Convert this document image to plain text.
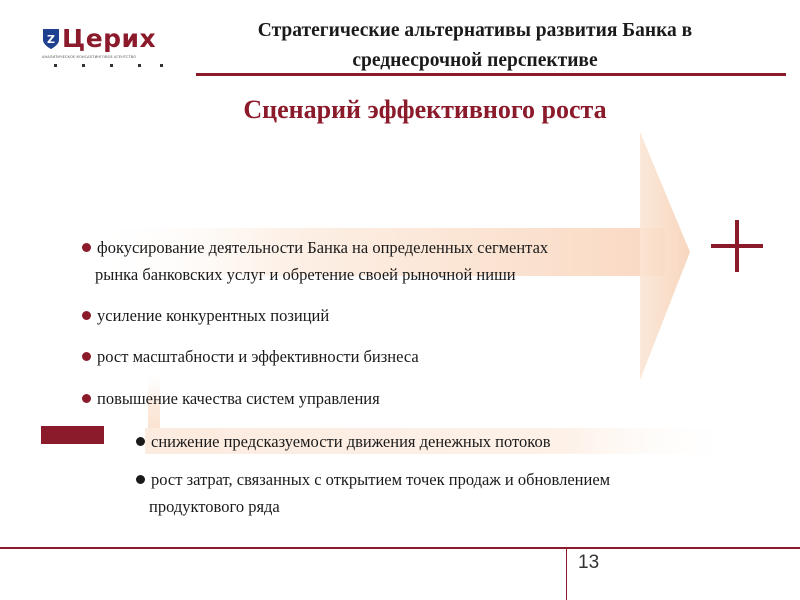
Z Церих
АНАЛИТИЧЕСКОЕ КОНСАЛТИНГОВОЕ АГЕНТСТВО
Стратегические альтернативы развития Банка в
среднесрочной перспективе
Сценарий эффективного роста
фокусирование деятельности Банка на определенных сегментах
рынка банковских услуг и обретение своей рыночной ниши
усиление конкурентных позиций
рост масштабности и эффективности бизнеса
повышение качества систем управления
снижение предсказуемости движения денежных потоков
рост затрат, связанных с открытием точек продаж и обновлением
продуктового ряда
13
